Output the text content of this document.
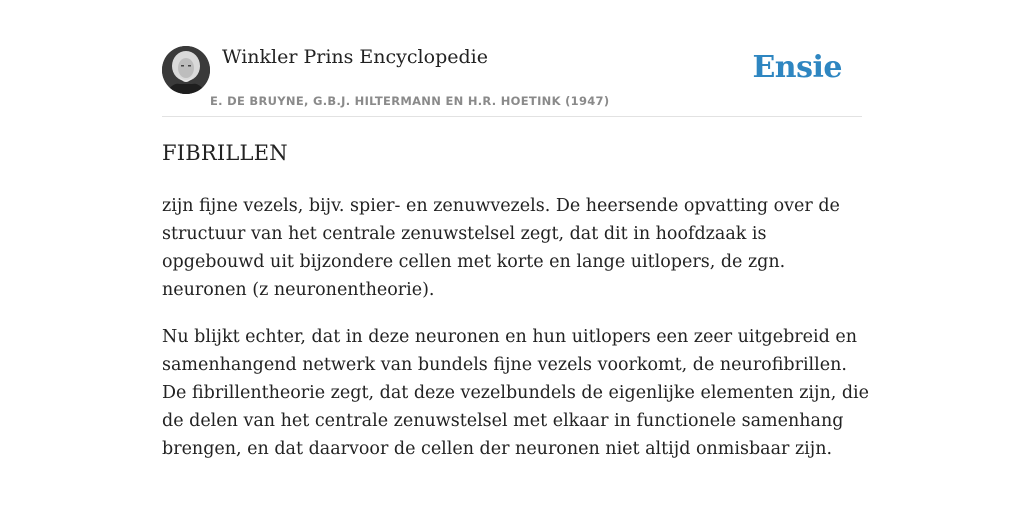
Winkler Prins Encyclopedie
E. DE BRUYNE, G.B.J. HILTERMANN EN H.R. HOETINK (1947)
Ensie
FIBRILLEN

zijn fijne vezels, bijv. spier- en zenuwvezels. De heersende opvatting over de structuur van het centrale zenuwstelsel zegt, dat dit in hoofdzaak is opgebouwd uit bijzondere cellen met korte en lange uitlopers, de zgn. neuronen (z neuronentheorie).

Nu blijkt echter, dat in deze neuronen en hun uitlopers een zeer uitgebreid en samenhangend netwerk van bundels fijne vezels voorkomt, de neurofibrillen. De fibrillentheorie zegt, dat deze vezelbundels de eigenlijke elementen zijn, die de delen van het centrale zenuwstelsel met elkaar in functionele samenhang brengen, en dat daarvoor de cellen der neuronen niet altijd onmisbaar zijn.
